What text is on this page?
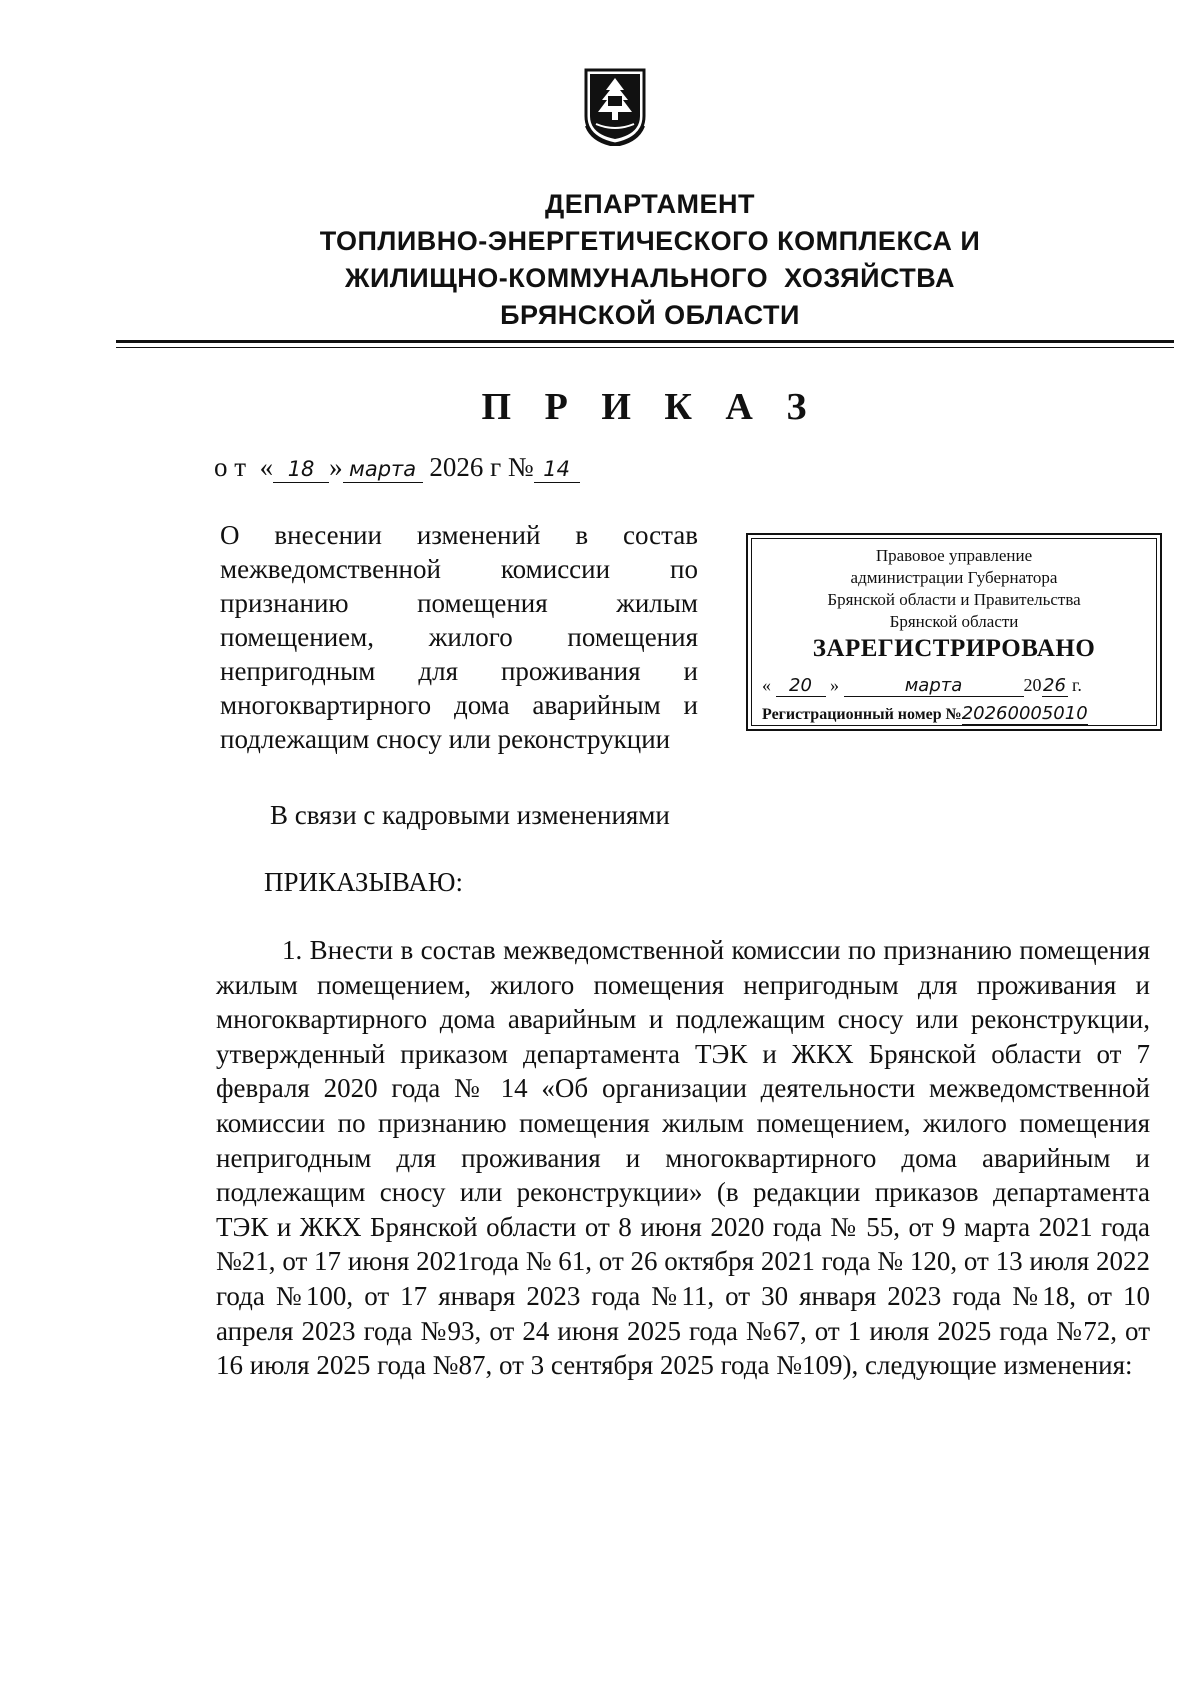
ДЕПАРТАМЕНТ
ТОПЛИВНО-ЭНЕРГЕТИЧЕСКОГО КОМПЛЕКСА И
ЖИЛИЩНО-КОММУНАЛЬНОГО  ХОЗЯЙСТВА
БРЯНСКОЙ ОБЛАСТИ
П Р И К А З
о т  « 18 » марта 2026 г № 14
О внесении изменений в состав
межведомственной комиссии по
признанию помещения жилым
помещением, жилого помещения
непригодным для проживания и
многоквартирного дома аварийным и
подлежащим сносу или реконструкции
Правовое управление
администрации Губернатора
Брянской области и Правительства
Брянской области
ЗАРЕГИСТРИРОВАНО
« 20 »	марта	2026 г.
Регистрационный номер №20260005010
В связи с кадровыми изменениями
ПРИКАЗЫВАЮ:
1. Внести в состав межведомственной комиссии по признанию помещения жилым помещением, жилого помещения непригодным для проживания и многоквартирного дома аварийным и подлежащим сносу или реконструкции, утвержденный приказом департамента ТЭК и ЖКХ Брянской области от 7 февраля 2020 года № 14 «Об организации деятельности межведомственной комиссии по признанию помещения жилым помещением, жилого помещения непригодным для проживания и многоквартирного дома аварийным и подлежащим сносу или реконструкции» (в редакции приказов департамента ТЭК и ЖКХ Брянской области от 8 июня 2020 года № 55, от 9 марта 2021 года №21, от 17 июня 2021года № 61, от 26 октября 2021 года № 120, от 13 июля 2022 года №100, от 17 января 2023 года №11, от 30 января 2023 года №18, от 10 апреля 2023 года №93, от 24 июня 2025 года №67, от 1 июля 2025 года №72, от 16 июля 2025 года №87, от 3 сентября 2025 года №109), следующие изменения:
